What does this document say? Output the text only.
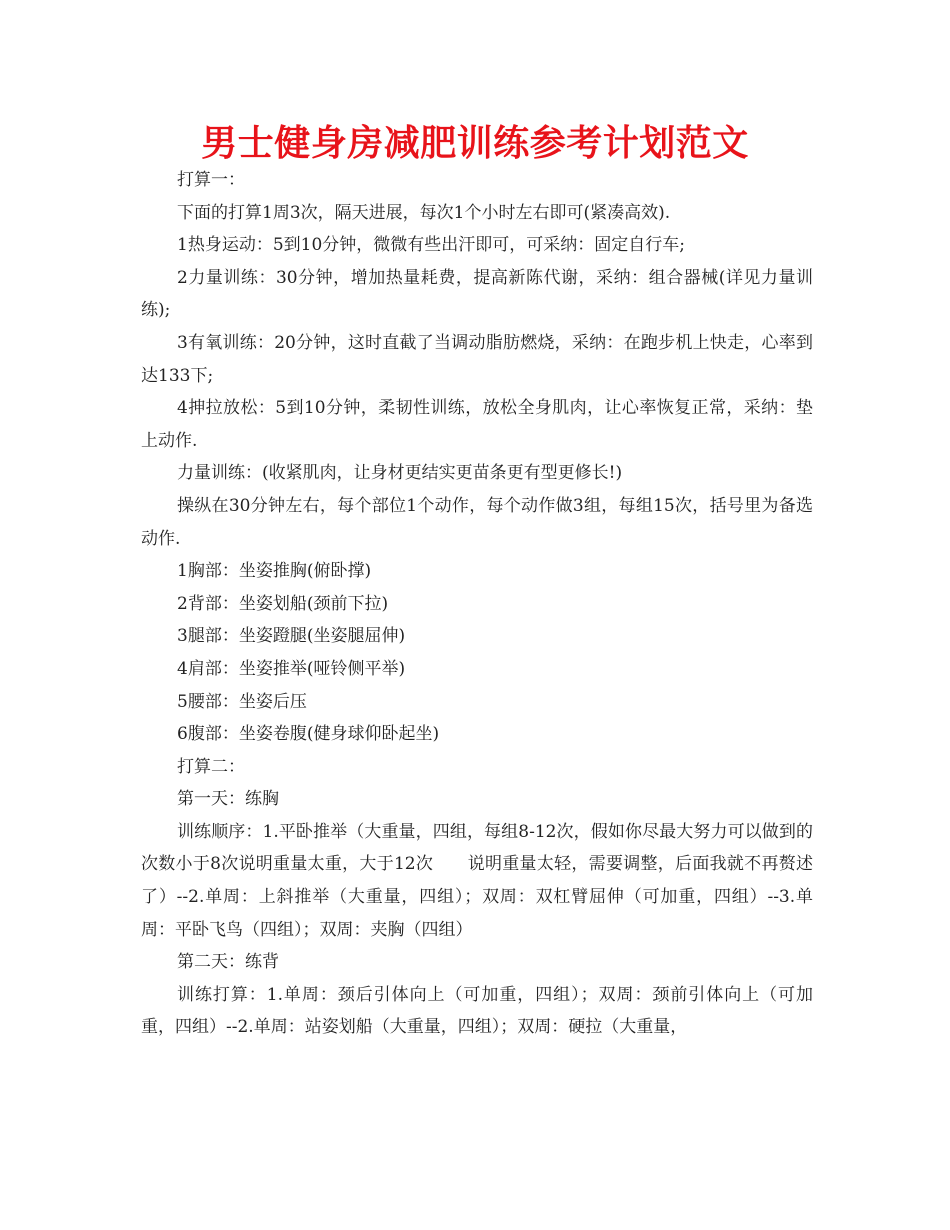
男士健身房减肥训练参考计划范文

打算一：

下面的打算1周3次，隔天进展，每次1个小时左右即可(紧凑高效).

1热身运动：5到10分钟，微微有些出汗即可，可采纳：固定自行车;

2力量训练：30分钟，增加热量耗费，提高新陈代谢，采纳：组合器械(详见力量训练);

3有氧训练：20分钟，这时直截了当调动脂肪燃烧，采纳：在跑步机上快走，心率到达133下;

4抻拉放松：5到10分钟，柔韧性训练，放松全身肌肉，让心率恢复正常，采纳：垫上动作.

力量训练：(收紧肌肉，让身材更结实更苗条更有型更修长!)

操纵在30分钟左右，每个部位1个动作，每个动作做3组，每组15次，括号里为备选动作.

1胸部：坐姿推胸(俯卧撑)

2背部：坐姿划船(颈前下拉)

3腿部：坐姿蹬腿(坐姿腿屈伸)

4肩部：坐姿推举(哑铃侧平举)

5腰部：坐姿后压

6腹部：坐姿卷腹(健身球仰卧起坐)

打算二：

第一天：练胸

训练顺序：1.平卧推举（大重量，四组，每组8-12次，假如你尽最大努力可以做到的次数小于8次说明重量太重，大于12次　　说明重量太轻，需要调整，后面我就不再赘述了）--2.单周：上斜推举（大重量，四组）；双周：双杠臂屈伸（可加重，四组）--3.单周：平卧飞鸟（四组）；双周：夹胸（四组）

第二天：练背

训练打算：1.单周：颈后引体向上（可加重，四组）；双周：颈前引体向上（可加重，四组）--2.单周：站姿划船（大重量，四组）；双周：硬拉（大重量，
